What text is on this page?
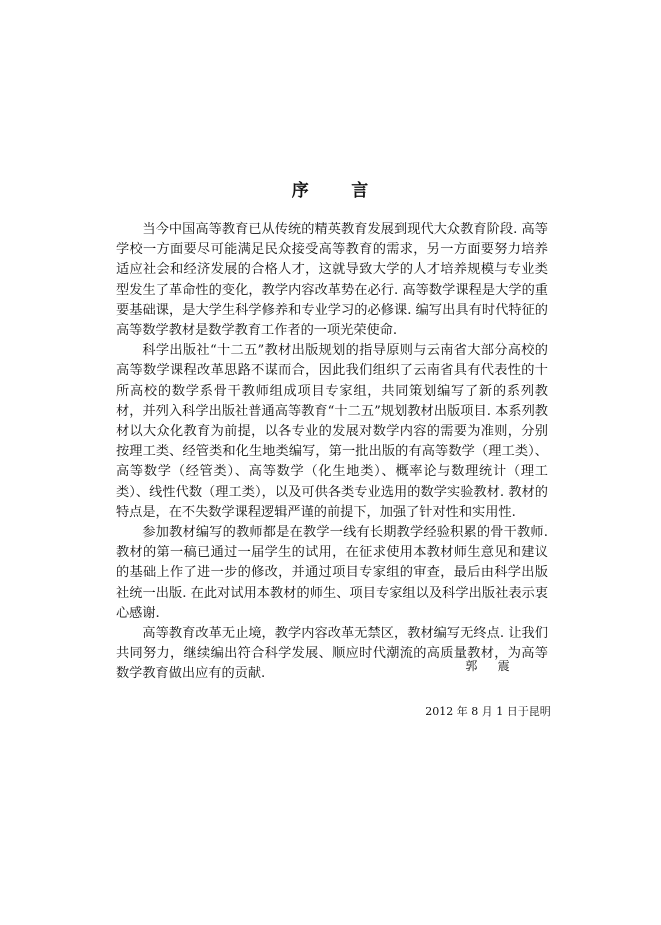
序      言

当今中国高等教育已从传统的精英教育发展到现代大众教育阶段. 高等学校一方面要尽可能满足民众接受高等教育的需求，另一方面要努力培养适应社会和经济发展的合格人才，这就导致大学的人才培养规模与专业类型发生了革命性的变化，教学内容改革势在必行. 高等数学课程是大学的重要基础课，是大学生科学修养和专业学习的必修课. 编写出具有时代特征的高等数学教材是数学教育工作者的一项光荣使命.

科学出版社“十二五”教材出版规划的指导原则与云南省大部分高校的高等数学课程改革思路不谋而合，因此我们组织了云南省具有代表性的十所高校的数学系骨干教师组成项目专家组，共同策划编写了新的系列教材，并列入科学出版社普通高等教育“十二五”规划教材出版项目. 本系列教材以大众化教育为前提，以各专业的发展对数学内容的需要为准则，分别按理工类、经管类和化生地类编写，第一批出版的有高等数学（理工类）、高等数学（经管类）、高等数学（化生地类）、概率论与数理统计（理工类）、线性代数（理工类），以及可供各类专业选用的数学实验教材. 教材的特点是，在不失数学课程逻辑严谨的前提下，加强了针对性和实用性.

参加教材编写的教师都是在教学一线有长期教学经验积累的骨干教师. 教材的第一稿已通过一届学生的试用，在征求使用本教材师生意见和建议的基础上作了进一步的修改，并通过项目专家组的审查，最后由科学出版社统一出版. 在此对试用本教材的师生、项目专家组以及科学出版社表示衷心感谢.

高等教育改革无止境，教学内容改革无禁区，教材编写无终点. 让我们共同努力，继续编出符合科学发展、顺应时代潮流的高质量教材，为高等数学教育做出应有的贡献.

郭    震
2012 年 8 月 1 日于昆明
